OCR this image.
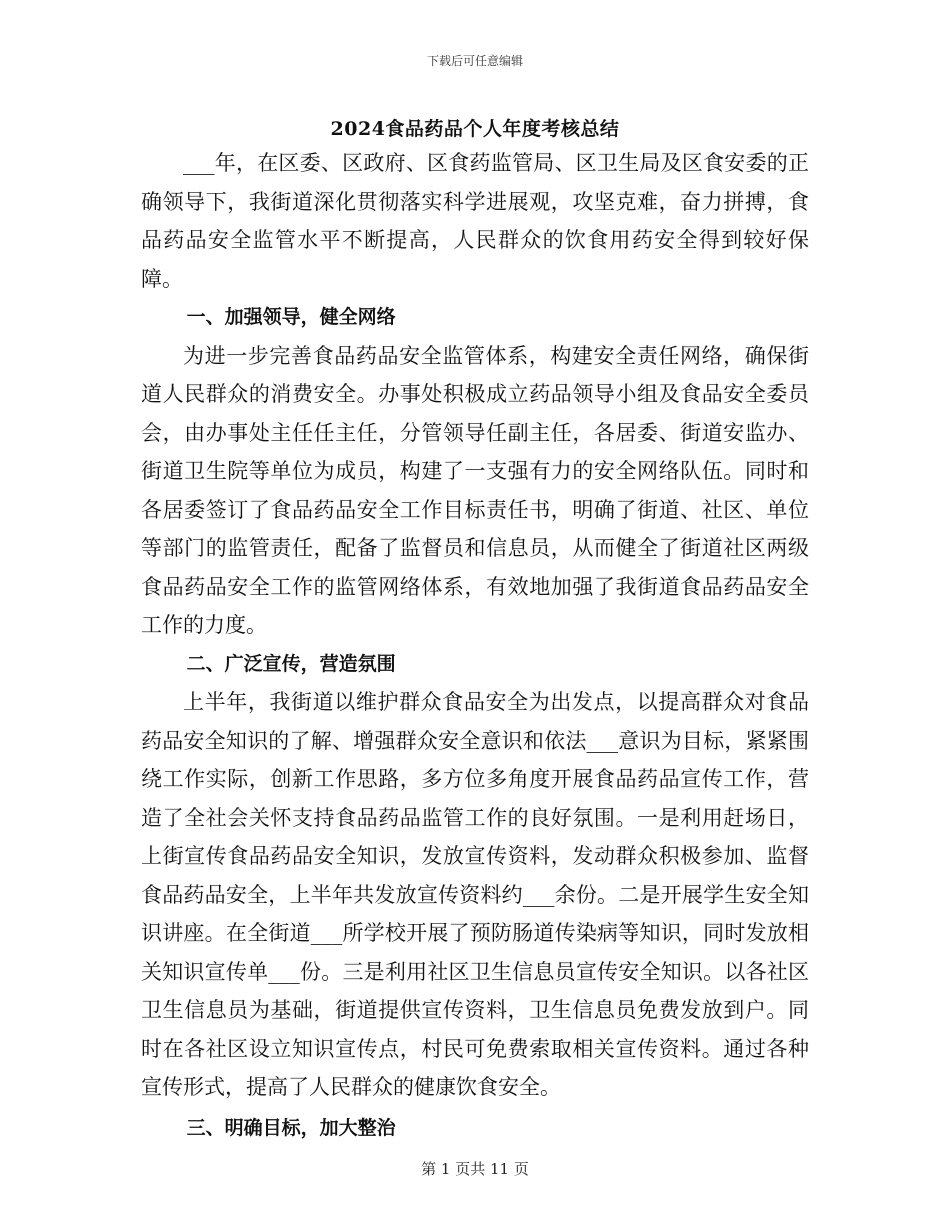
下载后可任意编辑
2024食品药品个人年度考核总结

___年，在区委、区政府、区食药监管局、区卫生局及区食安委的正确领导下，我街道深化贯彻落实科学进展观，攻坚克难，奋力拼搏，食品药品安全监管水平不断提高，人民群众的饮食用药安全得到较好保障。

一、加强领导，健全网络

为进一步完善食品药品安全监管体系，构建安全责任网络，确保街道人民群众的消费安全。办事处积极成立药品领导小组及食品安全委员会，由办事处主任任主任，分管领导任副主任，各居委、街道安监办、街道卫生院等单位为成员，构建了一支强有力的安全网络队伍。同时和各居委签订了食品药品安全工作目标责任书，明确了街道、社区、单位等部门的监管责任，配备了监督员和信息员，从而健全了街道社区两级食品药品安全工作的监管网络体系，有效地加强了我街道食品药品安全工作的力度。

二、广泛宣传，营造氛围

上半年，我街道以维护群众食品安全为出发点，以提高群众对食品药品安全知识的了解、增强群众安全意识和依法___意识为目标，紧紧围绕工作实际，创新工作思路，多方位多角度开展食品药品宣传工作，营造了全社会关怀支持食品药品监管工作的良好氛围。一是利用赶场日，上街宣传食品药品安全知识，发放宣传资料，发动群众积极参加、监督食品药品安全，上半年共发放宣传资料约___余份。二是开展学生安全知识讲座。在全街道___所学校开展了预防肠道传染病等知识，同时发放相关知识宣传单___份。三是利用社区卫生信息员宣传安全知识。以各社区卫生信息员为基础，街道提供宣传资料，卫生信息员免费发放到户。同时在各社区设立知识宣传点，村民可免费索取相关宣传资料。通过各种宣传形式，提高了人民群众的健康饮食安全。

三、明确目标，加大整治

第 1 页共 11 页
